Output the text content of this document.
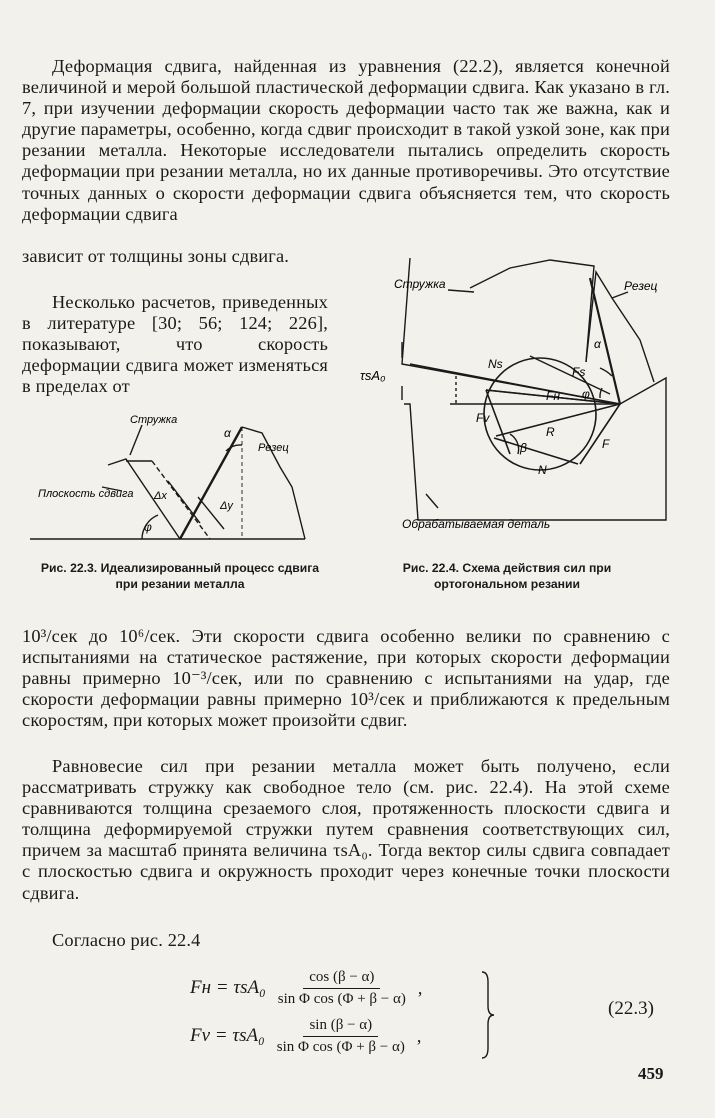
Деформация сдвига, найденная из уравнения (22.2), является конечной величиной и мерой большой пластической деформации сдвига. Как указано в гл. 7, при изучении деформации скорость деформации часто так же важна, как и другие параметры, особенно, когда сдвиг происходит в такой узкой зоне, как при резании металла. Некоторые исследователи пытались определить скорость деформации при резании металла, но их данные противоречивы. Это отсутствие точных данных о скорости деформации сдвига объясняется тем, что скорость деформации сдвига

зависит от толщины зоны сдвига.

Несколько расчетов, приведенных в литературе [30; 56; 124; 226], показывают, что скорость деформации сдвига может изменяться в пределах от

Стружка
Резец
Плоскость сдвига
α
φ
Δx
Δy
Рис. 22.3. Идеализированный процесс сдвига при резании металла
Стружка	Резец
Обрабатываемая деталь
τsA₀
Ns
Fs
Fн
Fv
R
F
N
β
α
φ
Рис. 22.4. Схема действия сил при ортогональном резании

10³/сек до 10⁶/сек. Эти скорости сдвига особенно велики по сравнению с испытаниями на статическое растяжение, при которых скорости деформации равны примерно 10⁻³/сек, или по сравнению с испытаниями на удар, где скорости деформации равны примерно 10³/сек и приближаются к предельным скоростям, при которых может произойти сдвиг.

Равновесие сил при резании металла может быть получено, если рассматривать стружку как свободное тело (см. рис. 22.4). На этой схеме сравниваются толщина срезаемого слоя, протяженность плоскости сдвига и толщина деформируемой стружки путем сравнения соответствующих сил, причем за масштаб принята величина τsA₀. Тогда вектор силы сдвига совпадает с плоскостью сдвига и окружность проходит через конечные точки плоскости сдвига.

Согласно рис. 22.4

Fн = $\tau sA_0 \frac{\cos (\beta - \alpha)}{\text{sin Φ cos (Φ + β − α)}}$ ,
$Fv = \tau sA_0 \frac{\sin (\beta - \alpha)}{\text{sin Φ cos (Φ + β − α)}}$ ,
(22.3)
459
